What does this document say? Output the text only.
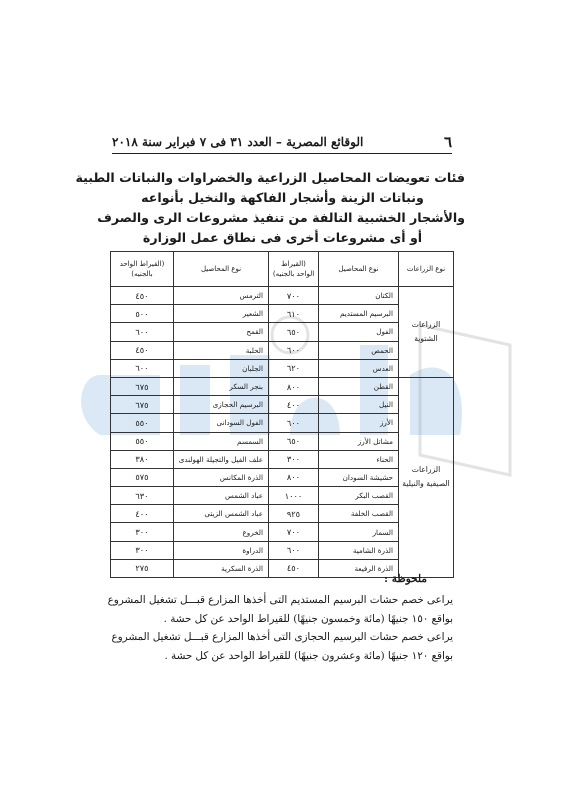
٦
الوقائع المصرية – العدد ٣١ فى ٧ فبراير سنة ٢٠١٨
فئات تعويضات المحاصيل الزراعية والخضراوات والنباتات الطبية
ونباتات الزينة وأشجار الفاكهة والنخيل بأنواعه
والأشجار الخشبية التالفة من تنفيذ مشروعات الرى والصرف
أو أى مشروعات أخرى فى نطاق عمل الوزارة
نوع الزراعات	نوع المحاصيل	(القيراط الواحد بالجنيه)	نوع المحاصيل	(القيراط الواحد بالجنيه)
الزراعات الشتوية	الكتان	٧٠٠	الترمس	٤٥٠
	البرسيم المستديم	٦١٠	الشعير	٥٠٠
	الفول	٦٥٠	القمح	٦٠٠
	الحمص	٦٠٠	الحلبة	٤٥٠
	العدس	٦٢٠	الجلبان	٦٠٠
الزراعات الصيفية والنيلية	القطن	٨٠٠	بنجر السكر	٦٧٥
	النيل	٤٠٠	البرسيم الحجازى	٦٧٥
	الأرز	٦٠٠	الفول السودانى	٥٥٠
	مشاتل الأرز	٦٥٠	السمسم	٥٥٠
	الحناء	٣٠٠	علف الفيل والتجيلة الهولندى	٣٨٠
	حشيشة السودان	٨٠٠	الذرة المكانس	٥٧٥
	القصب البكر	١٠٠٠	عباد الشمس	٦٣٠
	القصب الخلفة	٩٢٥	عباد الشمس الزيتى	٤٠٠
	السمار	٧٠٠	الخروع	٣٠٠
	الذرة الشامية	٦٠٠	الدراوة	٣٠٠
	الذرة الرفيعة	٤٥٠	الذرة السكرية	٢٧٥
ملحوظة :

يراعى خصم حشات البرسيم المستديم التى أخذها المزارع قبـــل تشغيل المشروع

بواقع ١٥٠ جنيهًا (مائة وخمسون جنيهًا) للقيراط الواحد عن كل حشة .

يراعى خصم حشات البرسيم الحجازى التى أخذها المزارع قبـــل تشغيل المشروع

بواقع ١٢٠ جنيهًا (مائة وعشرون جنيهًا) للقيراط الواحد عن كل حشة .
